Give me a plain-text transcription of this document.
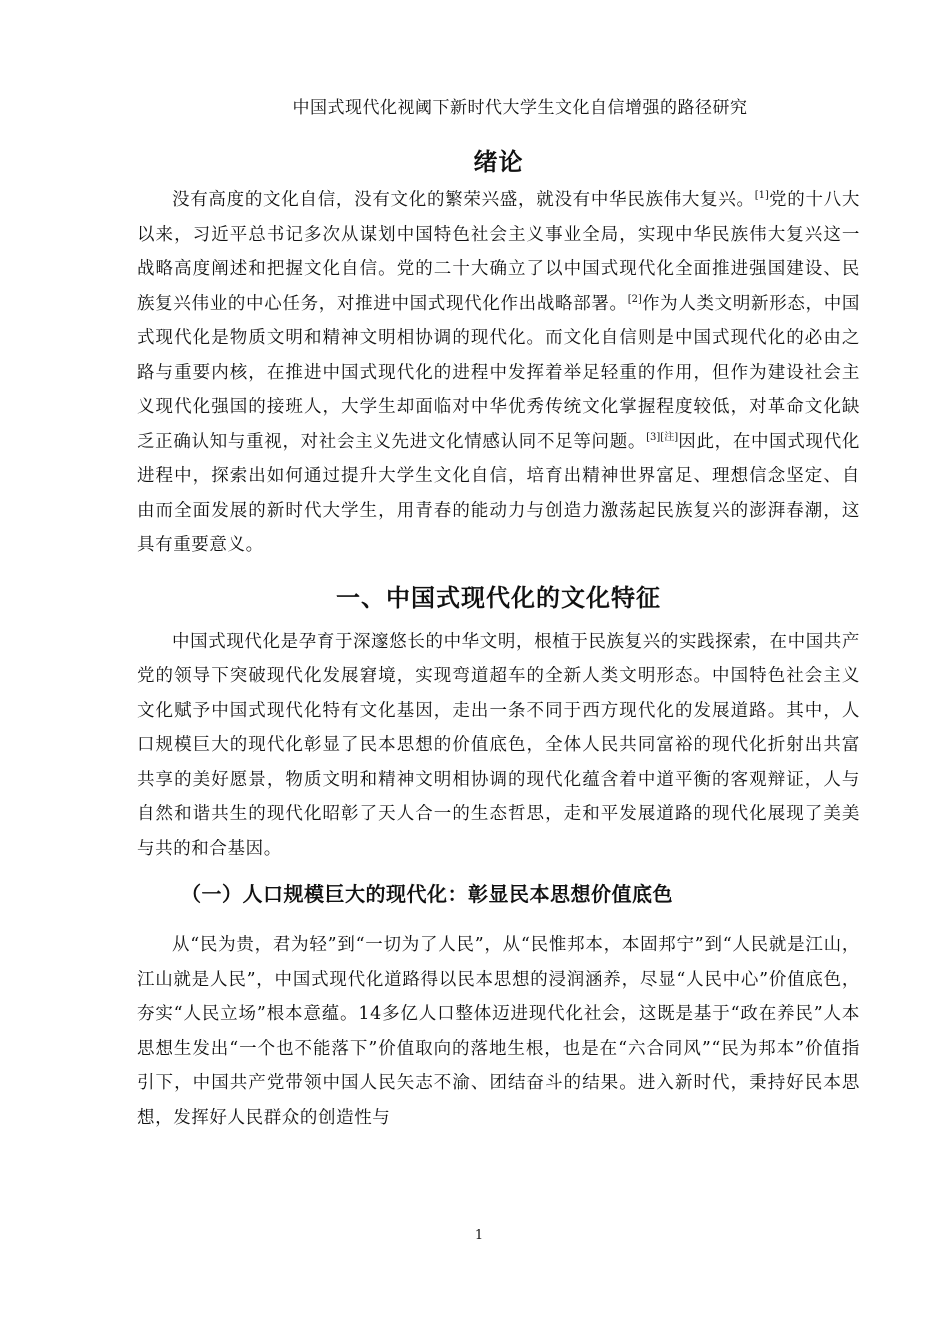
中国式现代化视阈下新时代大学生文化自信增强的路径研究
绪论

没有高度的文化自信，没有文化的繁荣兴盛，就没有中华民族伟大复兴。[1]党的十八大以来，习近平总书记多次从谋划中国特色社会主义事业全局，实现中华民族伟大复兴这一战略高度阐述和把握文化自信。党的二十大确立了以中国式现代化全面推进强国建设、民族复兴伟业的中心任务，对推进中国式现代化作出战略部署。[2]作为人类文明新形态，中国式现代化是物质文明和精神文明相协调的现代化。而文化自信则是中国式现代化的必由之路与重要内核，在推进中国式现代化的进程中发挥着举足轻重的作用，但作为建设社会主义现代化强国的接班人，大学生却面临对中华优秀传统文化掌握程度较低，对革命文化缺乏正确认知与重视，对社会主义先进文化情感认同不足等问题。[3][注]因此，在中国式现代化进程中，探索出如何通过提升大学生文化自信，培育出精神世界富足、理想信念坚定、自由而全面发展的新时代大学生，用青春的能动力与创造力激荡起民族复兴的澎湃春潮，这具有重要意义。

一、中国式现代化的文化特征

中国式现代化是孕育于深邃悠长的中华文明，根植于民族复兴的实践探索，在中国共产党的领导下突破现代化发展窘境，实现弯道超车的全新人类文明形态。中国特色社会主义文化赋予中国式现代化特有文化基因，走出一条不同于西方现代化的发展道路。其中，人口规模巨大的现代化彰显了民本思想的价值底色，全体人民共同富裕的现代化折射出共富共享的美好愿景，物质文明和精神文明相协调的现代化蕴含着中道平衡的客观辩证，人与自然和谐共生的现代化昭彰了天人合一的生态哲思，走和平发展道路的现代化展现了美美与共的和合基因。

（一）人口规模巨大的现代化：彰显民本思想价值底色

从“民为贵，君为轻”到“一切为了人民”，从“民惟邦本，本固邦宁”到“人民就是江山，江山就是人民”，中国式现代化道路得以民本思想的浸润涵养，尽显“人民中心”价值底色，夯实“人民立场”根本意蕴。14多亿人口整体迈进现代化社会，这既是基于“政在养民”人本思想生发出“一个也不能落下”价值取向的落地生根，也是在“六合同风”“民为邦本”价值指引下，中国共产党带领中国人民矢志不渝、团结奋斗的结果。进入新时代，秉持好民本思想，发挥好人民群众的创造性与

1
